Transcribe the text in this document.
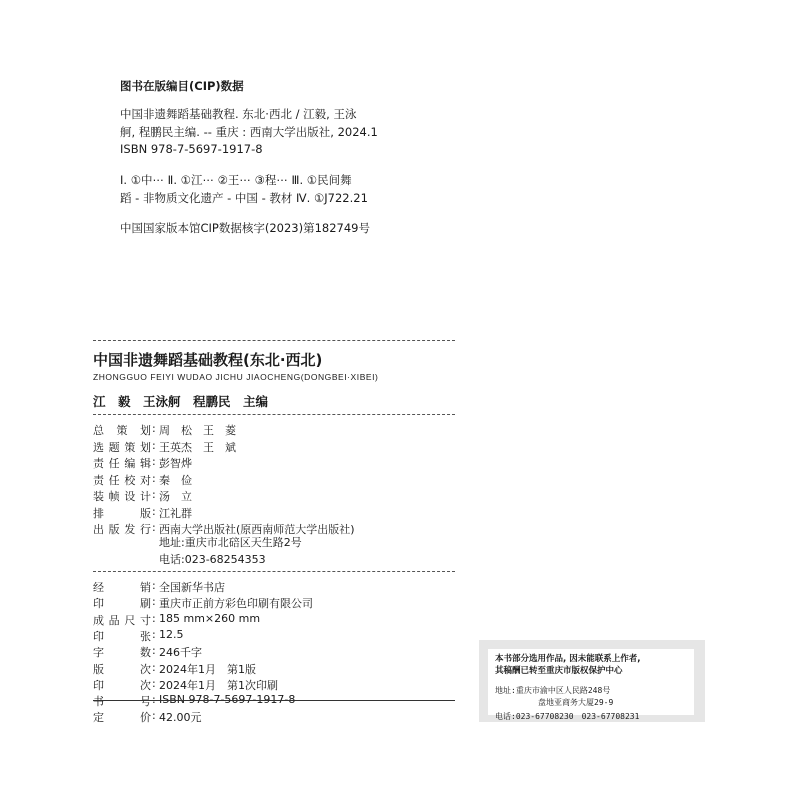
图书在版编目(CIP)数据
中国非遗舞蹈基础教程. 东北·西北 / 江毅, 王泳
舸, 程鹏民主编. -- 重庆 : 西南大学出版社, 2024.1
ISBN 978-7-5697-1917-8
Ⅰ. ①中⋯ Ⅱ. ①江⋯ ②王⋯ ③程⋯ Ⅲ. ①民间舞
蹈 - 非物质文化遗产 - 中国 - 教材 Ⅳ. ①J722.21
中国国家版本馆CIP数据核字(2023)第182749号
中国非遗舞蹈基础教程(东北·西北)
ZHONGGUO FEIYI WUDAO JICHU JIAOCHENG(DONGBEI·XIBEI)
江　毅　王泳舸　程鹏民　主编
总 策 划 : 周　松　王　菱
选 题 策 划 : 王英杰　王　斌
责 任 编 辑 : 彭智烨
责 任 校 对 : 秦　俭
装 帧 设 计 : 汤　立
排	版 : 江礼群
出 版 发 行 : 西南大学出版社(原西南师范大学出版社)
地址:重庆市北碚区天生路2号
电话:023-68254353
经	销 : 全国新华书店
印	刷 : 重庆市正前方彩色印刷有限公司
成 品 尺 寸 : 185 mm×260 mm
印	张 : 12.5
字	数 : 246千字
版	次 : 2024年1月　第1版
印	次 : 2024年1月　第1次印刷
书	号 : ISBN 978-7-5697-1917-8
定	价 : 42.00元
本书部分选用作品, 因未能联系上作者,
其稿酬已转至重庆市版权保护中心
地址:重庆市渝中区人民路248号
盘地亚商务大厦29-9
电话:023-67708230　023-67708231
